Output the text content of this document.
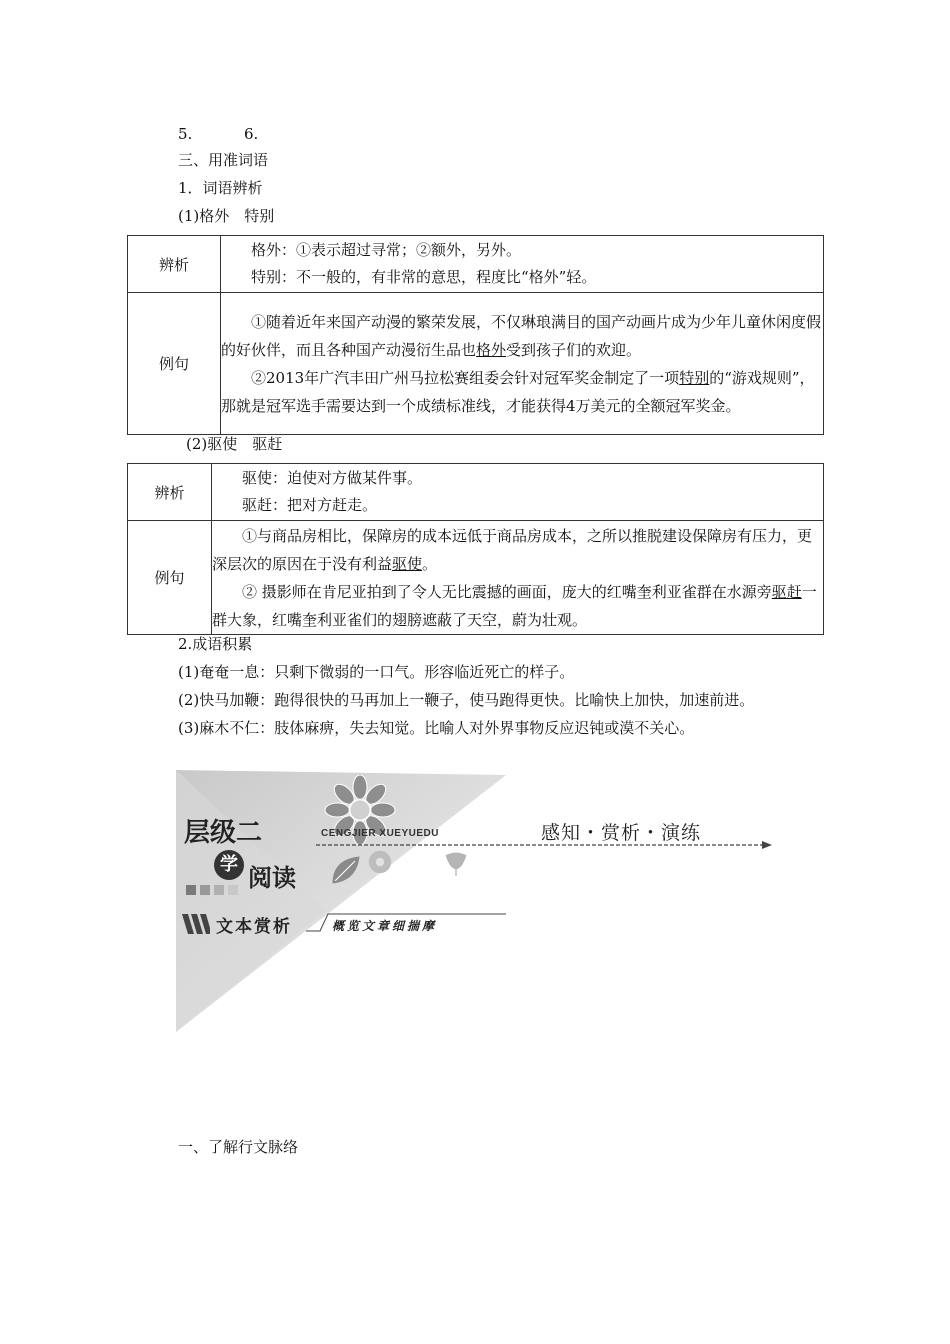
5.	6.
三、用准词语
1．词语辨析
(1)格外　特别
辨析	格外：①表示超过寻常；②额外，另外。
特别：不一般的，有非常的意思，程度比“格外”轻。

例句	①随着近年来国产动漫的繁荣发展，不仅琳琅满目的国产动画片成为少年儿童休闲度假的好伙伴，而且各种国产动漫衍生品也格外受到孩子们的欢迎。
②2013年广汽丰田广州马拉松赛组委会针对冠军奖金制定了一项特别的“游戏规则”，那就是冠军选手需要达到一个成绩标准线，才能获得4万美元的全额冠军奖金。
(2)驱使　驱赶
辨析	驱使：迫使对方做某件事。
驱赶：把对方赶走。

例句	①与商品房相比，保障房的成本远低于商品房成本，之所以推脱建设保障房有压力，更深层次的原因在于没有利益驱使。
② 摄影师在肯尼亚拍到了令人无比震撼的画面，庞大的红嘴奎利亚雀群在水源旁驱赶一群大象，红嘴奎利亚雀们的翅膀遮蔽了天空，蔚为壮观。
2.成语积累
(1)奄奄一息：只剩下微弱的一口气。形容临近死亡的样子。
(2)快马加鞭：跑得很快的马再加上一鞭子，使马跑得更快。比喻快上加快，加速前进。
(3)麻木不仁：肢体麻痹，失去知觉。比喻人对外界事物反应迟钝或漠不关心。
CENGJIER XUEYUEDU
层级二
学 阅读
感知・赏析・演练
文本赏析	概览文章细揣摩
一、了解行文脉络
